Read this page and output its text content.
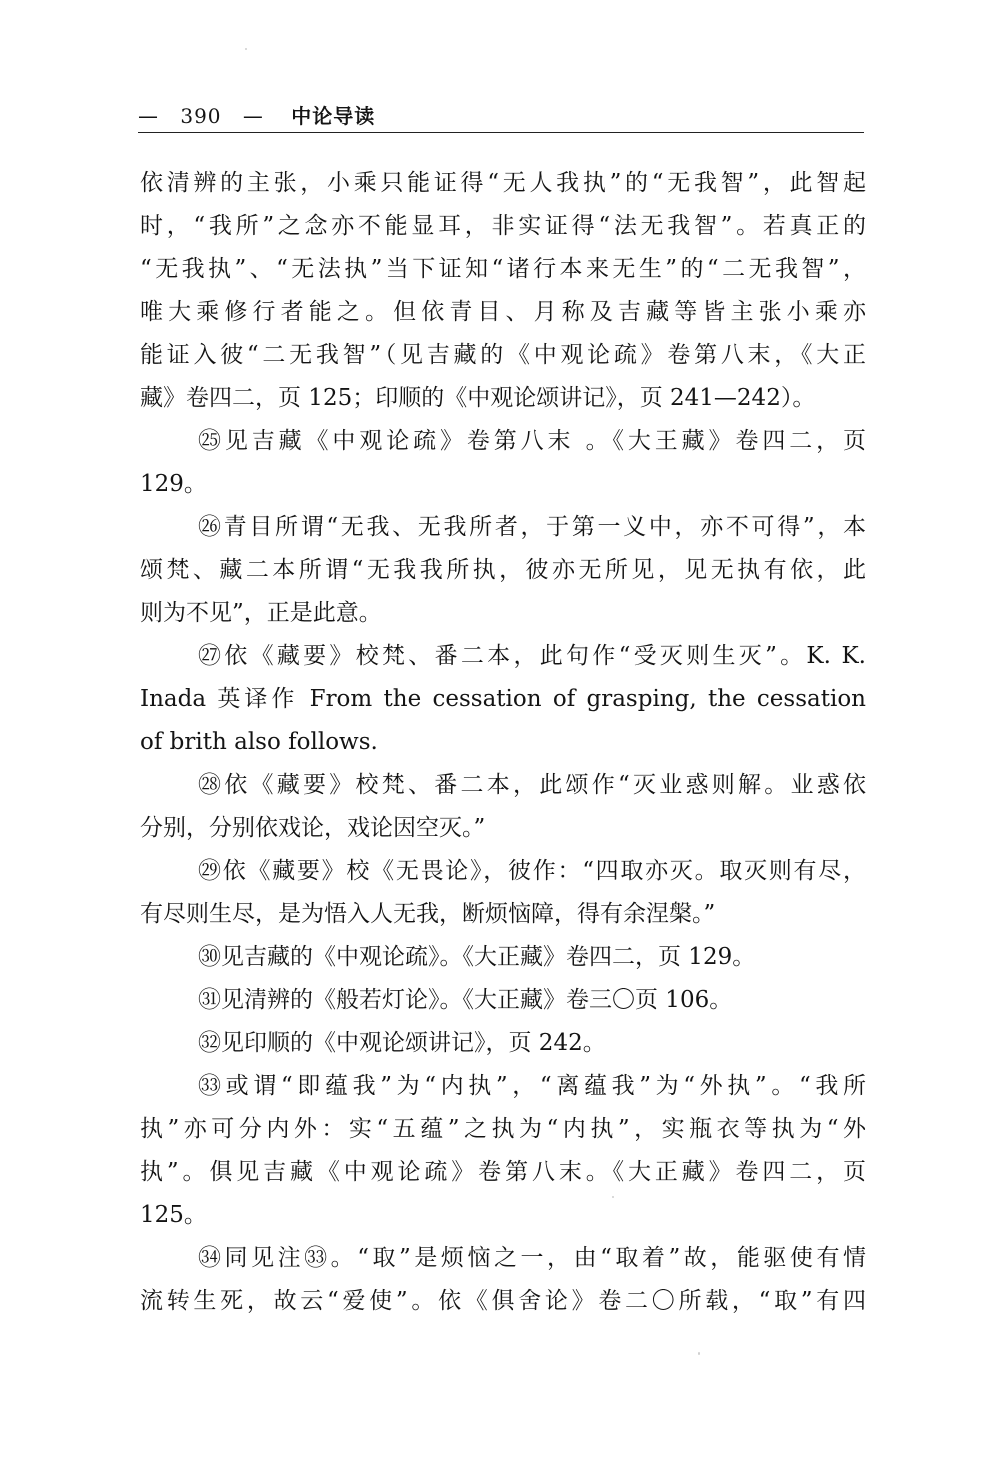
— 390 — 中论导读
依清辨的主张，小乘只能证得“无人我执”的“无我智”，此智起
时，“我所”之念亦不能显耳，非实证得“法无我智”。若真正的
“无我执”、“无法执”当下证知“诸行本来无生”的“二无我智”，
唯大乘修行者能之。但依青目、月称及吉藏等皆主张小乘亦
能证入彼“二无我智”（见吉藏的《中观论疏》卷第八末，《大正
藏》卷四二，页 125；印顺的《中观论颂讲记》，页 241—242）。
㉕见吉藏《中观论疏》卷第八末 。《大王藏》卷四二，页
129。
㉖青目所谓“无我、无我所者，于第一义中，亦不可得”，本
颂梵、藏二本所谓“无我我所执，彼亦无所见，见无执有依，此
则为不见”，正是此意。
㉗依《藏要》校梵、番二本，此句作“受灭则生灭”。K. K.
Inada 英译作 From the cessation of grasping, the cessation
of brith also follows.
㉘依《藏要》校梵、番二本，此颂作“灭业惑则解。业惑依
分别，分别依戏论，戏论因空灭。”
㉙依《藏要》校《无畏论》，彼作：“四取亦灭。取灭则有尽，
有尽则生尽，是为悟入人无我，断烦恼障，得有余涅槃。”
㉚见吉藏的《中观论疏》。《大正藏》卷四二，页 129。
㉛见清辨的《般若灯论》。《大正藏》卷三〇页 106。
㉜见印顺的《中观论颂讲记》，页 242。
㉝或谓“即蕴我”为“内执”，“离蕴我”为“外执”。“我所
执”亦可分内外：实“五蕴”之执为“内执”，实瓶衣等执为“外
执”。俱见吉藏《中观论疏》卷第八末。《大正藏》卷四二，页
125。
㉞同见注㉝。“取”是烦恼之一，由“取着”故，能驱使有情
流转生死，故云“爱使”。依《俱舍论》卷二〇所载，“取”有四
